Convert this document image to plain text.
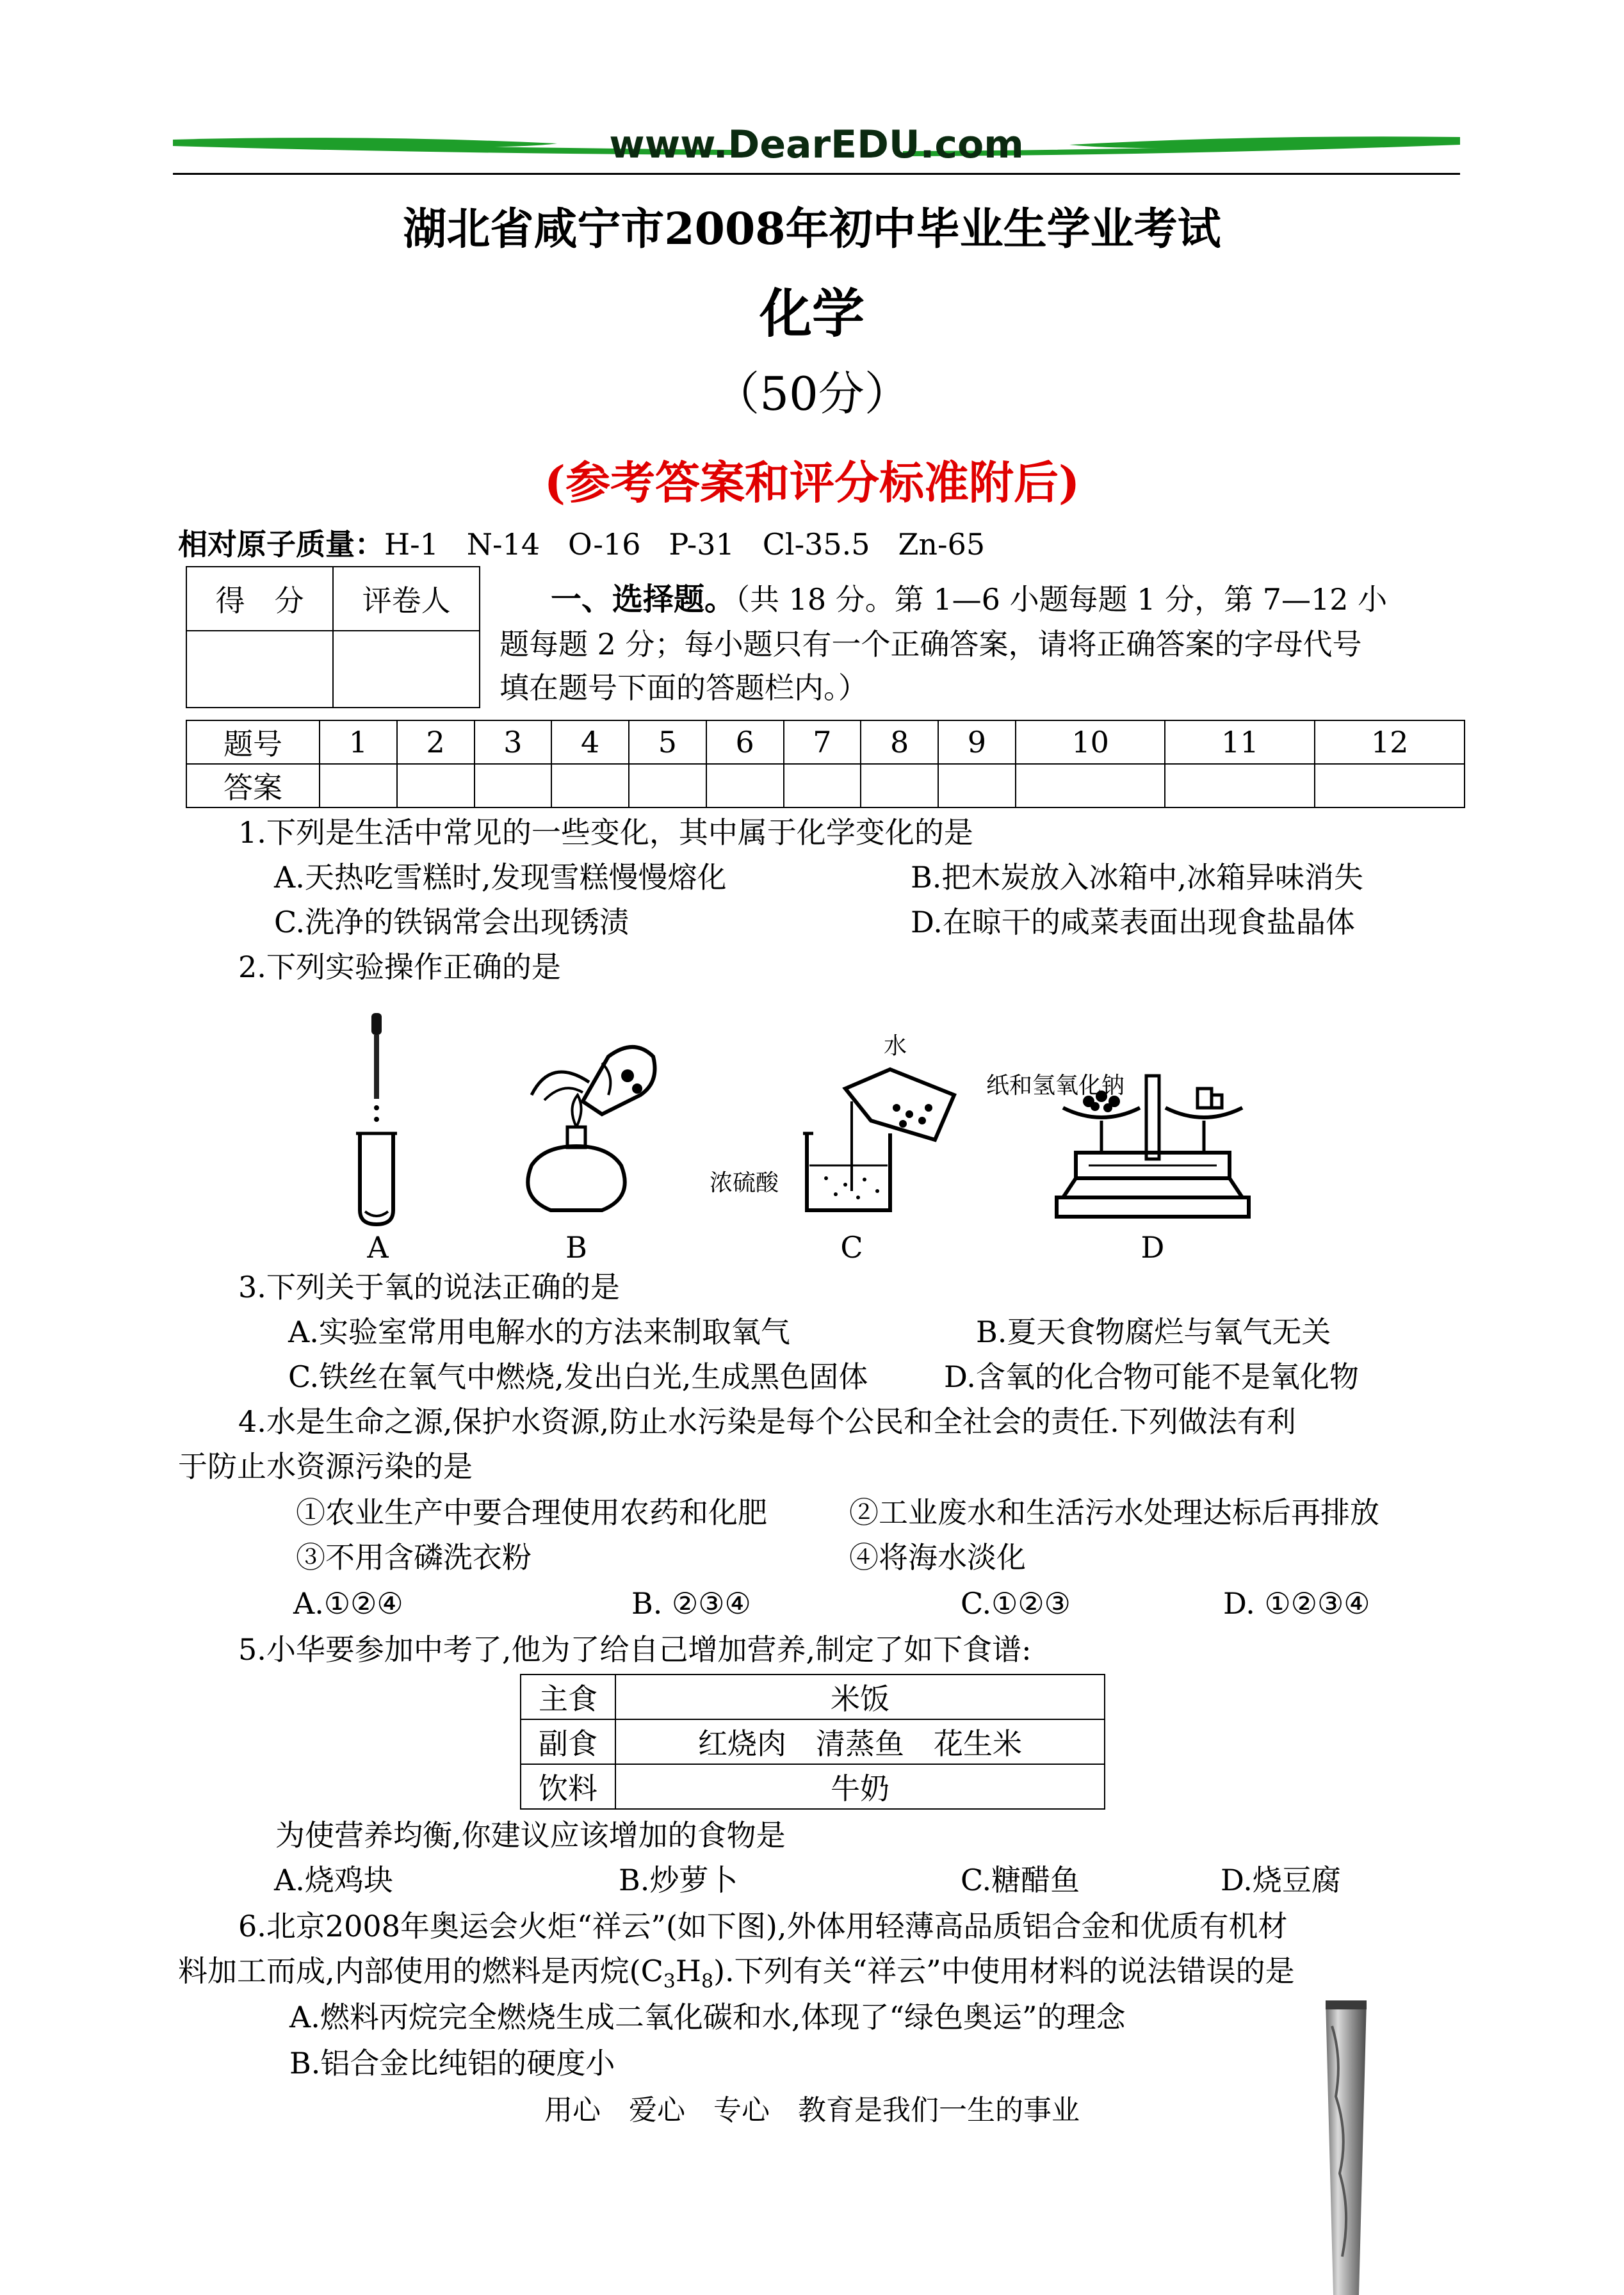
www.DearEDU.com
湖北省咸宁市2008年初中毕业生学业考试
化学
（50分）
(参考答案和评分标准附后)
相对原子质量：H-1   N-14   O-16   P-31   Cl-35.5   Zn-65
得　分	评卷人
		一、选择题。（共 18 分。第 1—6 小题每题 1 分，第 7—12 小
题每题 2 分；每小题只有一个正确答案，请将正确答案的字母代号
填在题号下面的答题栏内。）
题号	1	2	3	4	5	6	7	8	9	10	11	12
答案												
1.下列是生活中常见的一些变化，其中属于化学变化的是
A.天热吃雪糕时,发现雪糕慢慢熔化	B.把木炭放入冰箱中,冰箱异味消失
C.洗净的铁锅常会出现锈渍	D.在晾干的咸菜表面出现食盐晶体
2.下列实验操作正确的是
A	B
水
浓硫酸
C
纸和氢氧化钠
D
3.下列关于氧的说法正确的是
A.实验室常用电解水的方法来制取氧气	B.夏天食物腐烂与氧气无关
C.铁丝在氧气中燃烧,发出白光,生成黑色固体	D.含氧的化合物可能不是氧化物
4.水是生命之源,保护水资源,防止水污染是每个公民和全社会的责任.下列做法有利
于防止水资源污染的是
①农业生产中要合理使用农药和化肥	②工业废水和生活污水处理达标后再排放
③不用含磷洗衣粉	④将海水淡化
A.①②④	B. ②③④	C.①②③	D. ①②③④
5.小华要参加中考了,他为了给自己增加营养,制定了如下食谱:
主食	米饭
副食	红烧肉　清蒸鱼　花生米
饮料	牛奶
为使营养均衡,你建议应该增加的食物是
A.烧鸡块	B.炒萝卜	C.糖醋鱼	D.烧豆腐
6.北京2008年奥运会火炬“祥云”(如下图),外体用轻薄高品质铝合金和优质有机材
料加工而成,内部使用的燃料是丙烷$(C_3H_8)$.下列有关“祥云”中使用材料的说法错误的是
A.燃料丙烷完全燃烧生成二氧化碳和水,体现了“绿色奥运”的理念
B.铝合金比纯铝的硬度小
用心　爱心　专心　教育是我们一生的事业
